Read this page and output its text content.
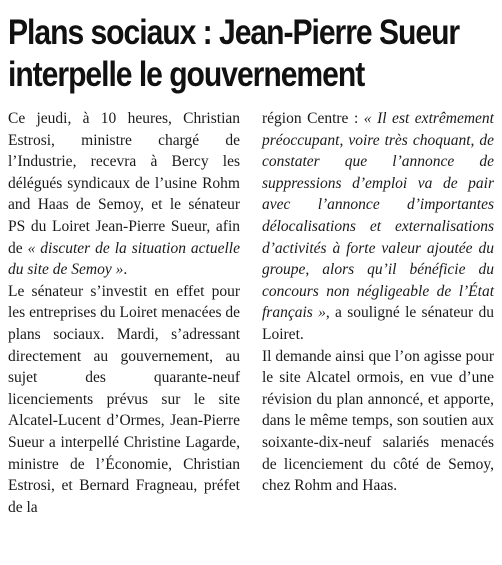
Plans sociaux : Jean-Pierre Sueur
interpelle le gouvernement

Ce jeudi, à 10 heures, Christian Estrosi, ministre chargé de l’Industrie, recevra à Bercy les délégués syndicaux de l’usine Rohm and Haas de Semoy, et le sénateur PS du Loiret Jean-Pierre Sueur, afin de « discuter de la situation actuelle du site de Semoy ».

Le sénateur s’investit en effet pour les entreprises du Loiret menacées de plans sociaux. Mardi, s’adressant directement au gouvernement, au sujet des quarante-neuf licenciements prévus sur le site Alcatel-Lucent d’Ormes, Jean-Pierre Sueur a interpellé Christine Lagarde, ministre de l’Économie, Christian Estrosi, et Bernard Fragneau, préfet de la

région Centre : « Il est extrêmement préoccupant, voire très choquant, de constater que l’annonce de suppressions d’emploi va de pair avec l’annonce d’importantes délocalisations et externalisations d’activités à forte valeur ajoutée du groupe, alors qu’il bénéficie du concours non négligeable de l’État français », a souligné le sénateur du Loiret.

Il demande ainsi que l’on agisse pour le site Alcatel ormois, en vue d’une révision du plan annoncé, et apporte, dans le même temps, son soutien aux soixante-dix-neuf salariés menacés de licenciement du côté de Semoy, chez Rohm and Haas.
